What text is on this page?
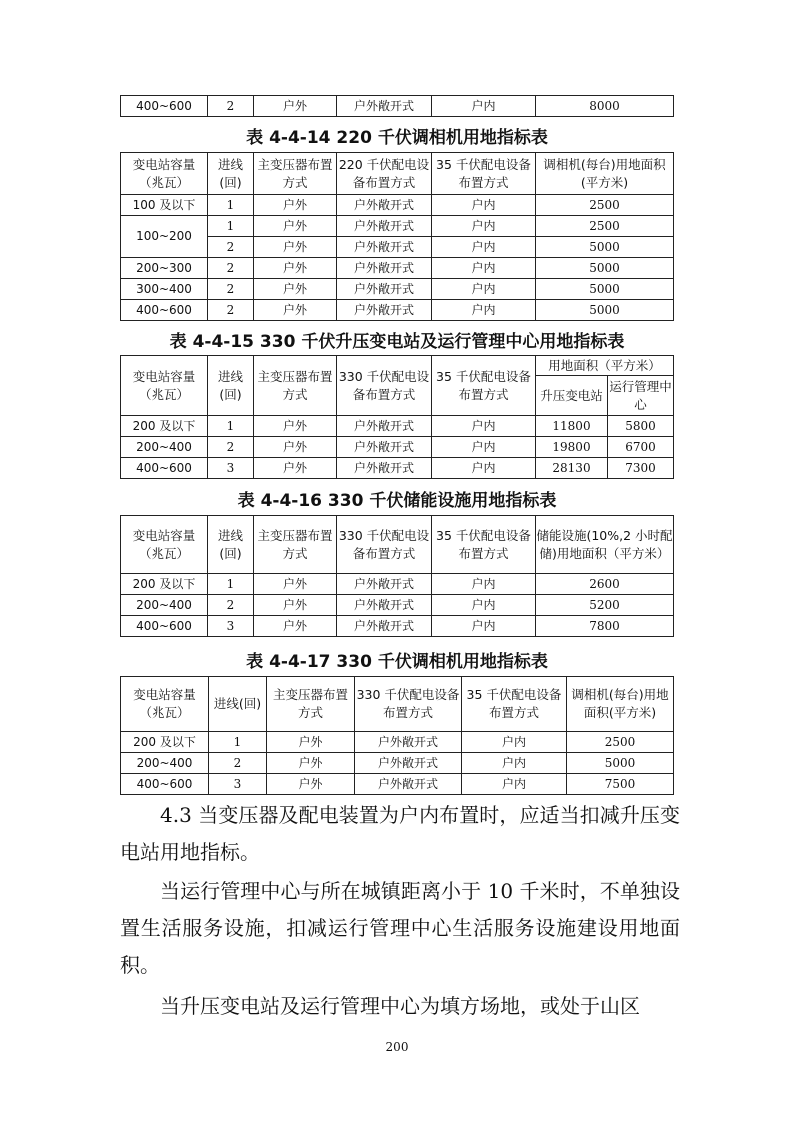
400~600	2	户外	户外敞开式	户内	8000

表 4-4-14 220 千伏调相机用地指标表

变电站容量（兆瓦）	进线(回)	主变压器布置方式	220 千伏配电设备布置方式	35 千伏配电设备布置方式	调相机(每台)用地面积(平方米)
100 及以下	1	户外	户外敞开式	户内	2500
100~200	1	户外	户外敞开式	户内	2500
	2	户外	户外敞开式	户内	5000
200~300	2	户外	户外敞开式	户内	5000
300~400	2	户外	户外敞开式	户内	5000
400~600	2	户外	户外敞开式	户内	5000

表 4-4-15 330 千伏升压变电站及运行管理中心用地指标表

变电站容量（兆瓦）	进线(回)	主变压器布置方式	330 千伏配电设备布置方式	35 千伏配电设备布置方式	用地面积（平方米）	
					升压变电站	运行管理中心
200 及以下	1	户外	户外敞开式	户内	11800	5800
200~400	2	户外	户外敞开式	户内	19800	6700
400~600	3	户外	户外敞开式	户内	28130	7300

表 4-4-16 330 千伏储能设施用地指标表

变电站容量（兆瓦）	进线(回)	主变压器布置方式	330 千伏配电设备布置方式	35 千伏配电设备布置方式	储能设施(10%,2 小时配储)用地面积（平方米）
200 及以下	1	户外	户外敞开式	户内	2600
200~400	2	户外	户外敞开式	户内	5200
400~600	3	户外	户外敞开式	户内	7800

表 4-4-17 330 千伏调相机用地指标表

变电站容量（兆瓦）	进线(回)	主变压器布置方式	330 千伏配电设备布置方式	35 千伏配电设备布置方式	调相机(每台)用地面积(平方米)
200 及以下	1	户外	户外敞开式	户内	2500
200~400	2	户外	户外敞开式	户内	5000
400~600	3	户外	户外敞开式	户内	7500

4.3 当变压器及配电装置为户内布置时，应适当扣减升压变电站用地指标。

当运行管理中心与所在城镇距离小于 10 千米时，不单独设置生活服务设施，扣减运行管理中心生活服务设施建设用地面积。

当升压变电站及运行管理中心为填方场地，或处于山区

200
